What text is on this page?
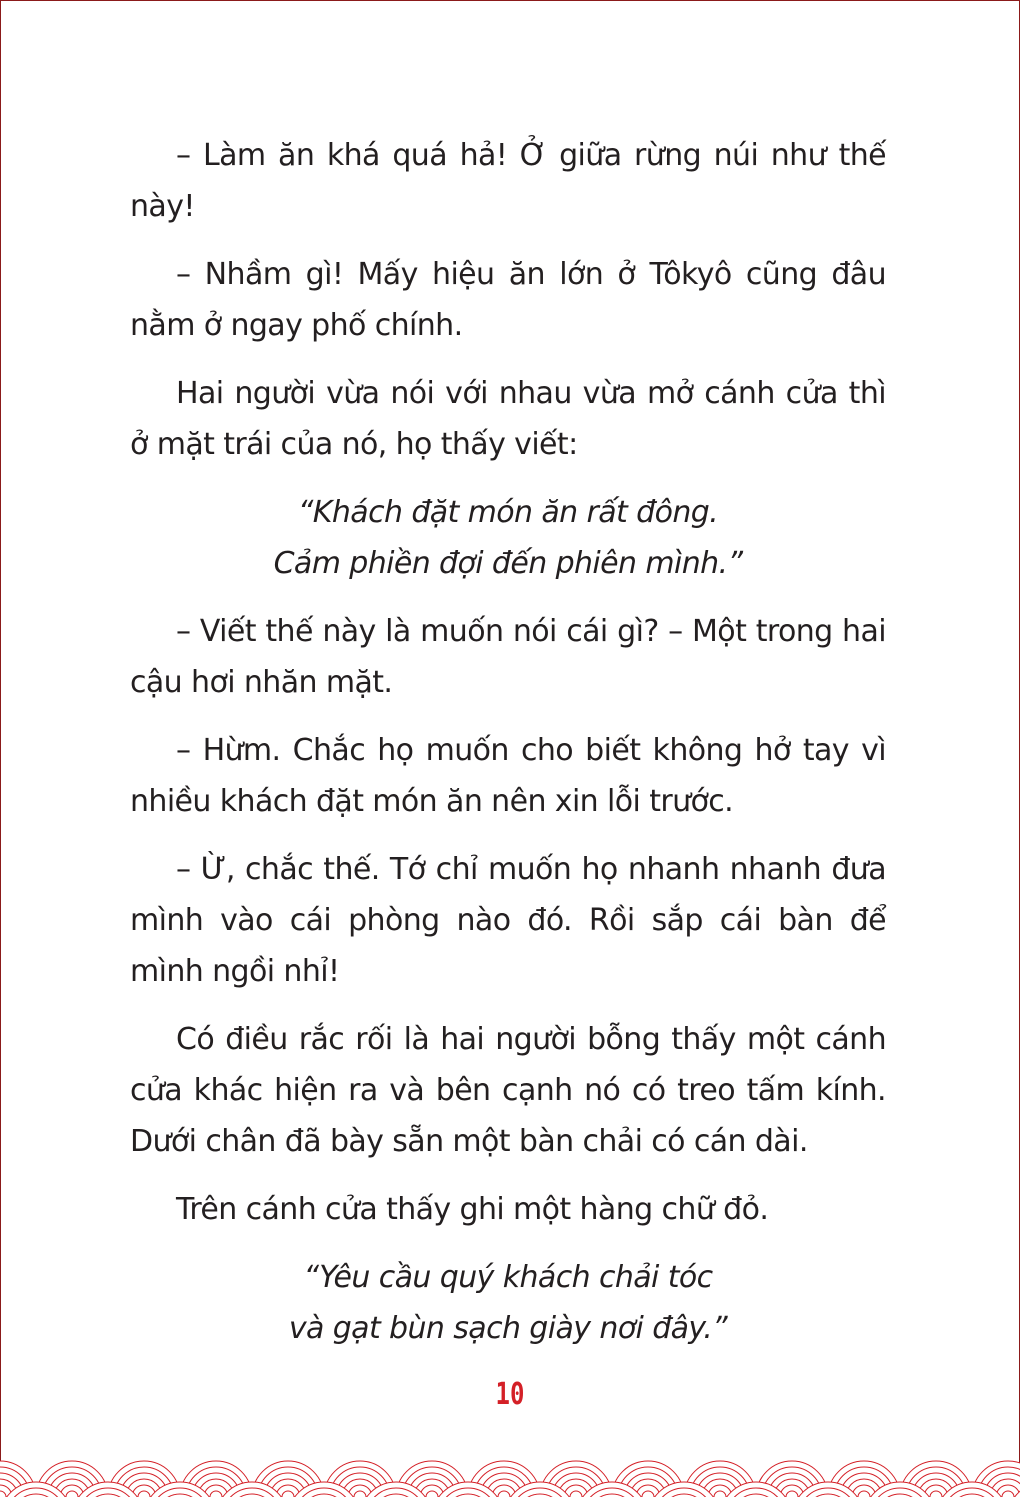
– Làm ăn khá quá hả! Ở giữa rừng núi như thế này!

– Nhầm gì! Mấy hiệu ăn lớn ở Tôkyô cũng đâu nằm ở ngay phố chính.

Hai người vừa nói với nhau vừa mở cánh cửa thì ở mặt trái của nó, họ thấy viết:

“Khách đặt món ăn rất đông.
Cảm phiền đợi đến phiên mình.”

– Viết thế này là muốn nói cái gì? – Một trong hai cậu hơi nhăn mặt.

– Hừm. Chắc họ muốn cho biết không hở tay vì nhiều khách đặt món ăn nên xin lỗi trước.

– Ừ, chắc thế. Tớ chỉ muốn họ nhanh nhanh đưa mình vào cái phòng nào đó. Rồi sắp cái bàn để mình ngồi nhỉ!

Có điều rắc rối là hai người bỗng thấy một cánh cửa khác hiện ra và bên cạnh nó có treo tấm kính. Dưới chân đã bày sẵn một bàn chải có cán dài.

Trên cánh cửa thấy ghi một hàng chữ đỏ.

“Yêu cầu quý khách chải tóc
và gạt bùn sạch giày nơi đây.”

10
